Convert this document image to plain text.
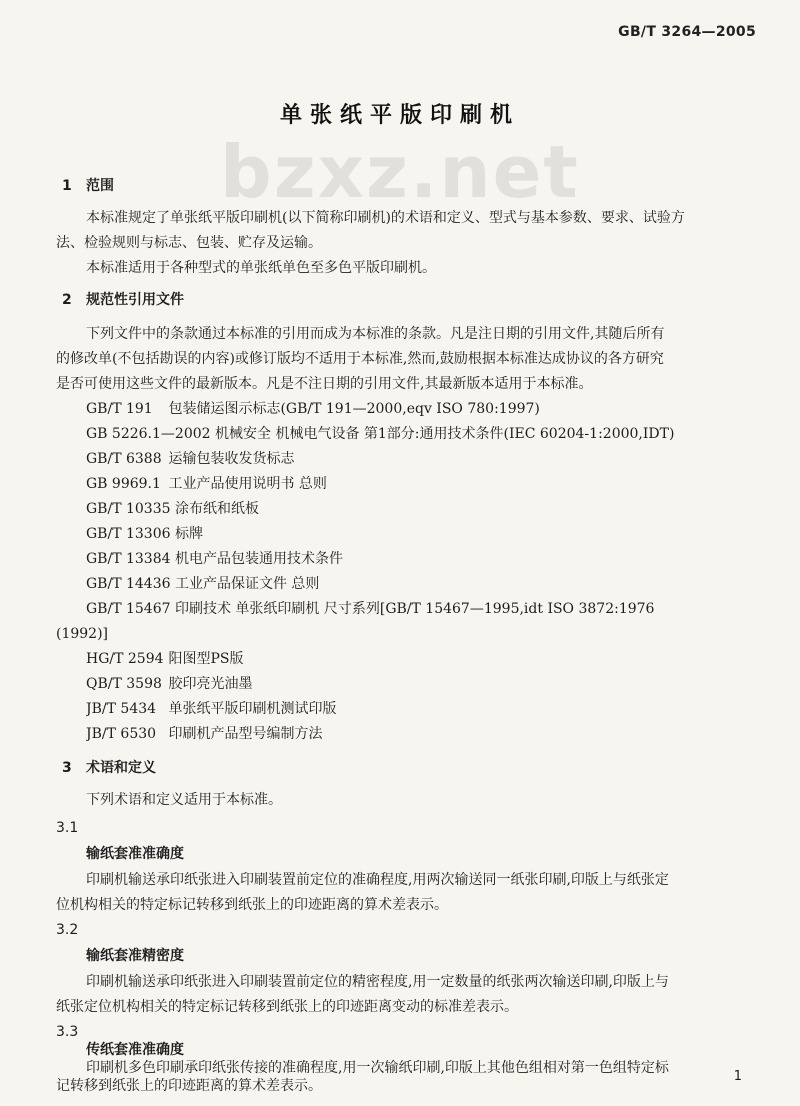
GB/T 3264—2005
单张纸平版印刷机
bzxz.net
1 范围
本标准规定了单张纸平版印刷机(以下简称印刷机)的术语和定义、型式与基本参数、要求、试验方
法、检验规则与标志、包装、贮存及运输。
本标准适用于各种型式的单张纸单色至多色平版印刷机。
2 规范性引用文件
下列文件中的条款通过本标准的引用而成为本标准的条款。凡是注日期的引用文件,其随后所有
的修改单(不包括勘误的内容)或修订版均不适用于本标准,然而,鼓励根据本标准达成协议的各方研究
是否可使用这些文件的最新版本。凡是不注日期的引用文件,其最新版本适用于本标准。
GB/T 191 包装储运图示标志(GB/T 191—2000,eqv ISO 780:1997)
GB 5226.1—2002 机械安全 机械电气设备 第1部分:通用技术条件(IEC 60204-1:2000,IDT)
GB/T 6388 运输包装收发货标志
GB 9969.1 工业产品使用说明书 总则
GB/T 10335 涂布纸和纸板
GB/T 13306 标牌
GB/T 13384 机电产品包装通用技术条件
GB/T 14436 工业产品保证文件 总则
GB/T 15467 印刷技术 单张纸印刷机 尺寸系列[GB/T 15467—1995,idt ISO 3872:1976
(1992)]
HG/T 2594 阳图型PS版
QB/T 3598 胶印亮光油墨
JB/T 5434 单张纸平版印刷机测试印版
JB/T 6530 印刷机产品型号编制方法
3 术语和定义
下列术语和定义适用于本标准。
3.1
输纸套准准确度
印刷机输送承印纸张进入印刷装置前定位的准确程度,用两次输送同一纸张印刷,印版上与纸张定
位机构相关的特定标记转移到纸张上的印迹距离的算术差表示。
3.2
输纸套准精密度
印刷机输送承印纸张进入印刷装置前定位的精密程度,用一定数量的纸张两次输送印刷,印版上与
纸张定位机构相关的特定标记转移到纸张上的印迹距离变动的标准差表示。
3.3
传纸套准准确度
印刷机多色印刷承印纸张传接的准确程度,用一次输纸印刷,印版上其他色组相对第一色组特定标
记转移到纸张上的印迹距离的算术差表示。
1
